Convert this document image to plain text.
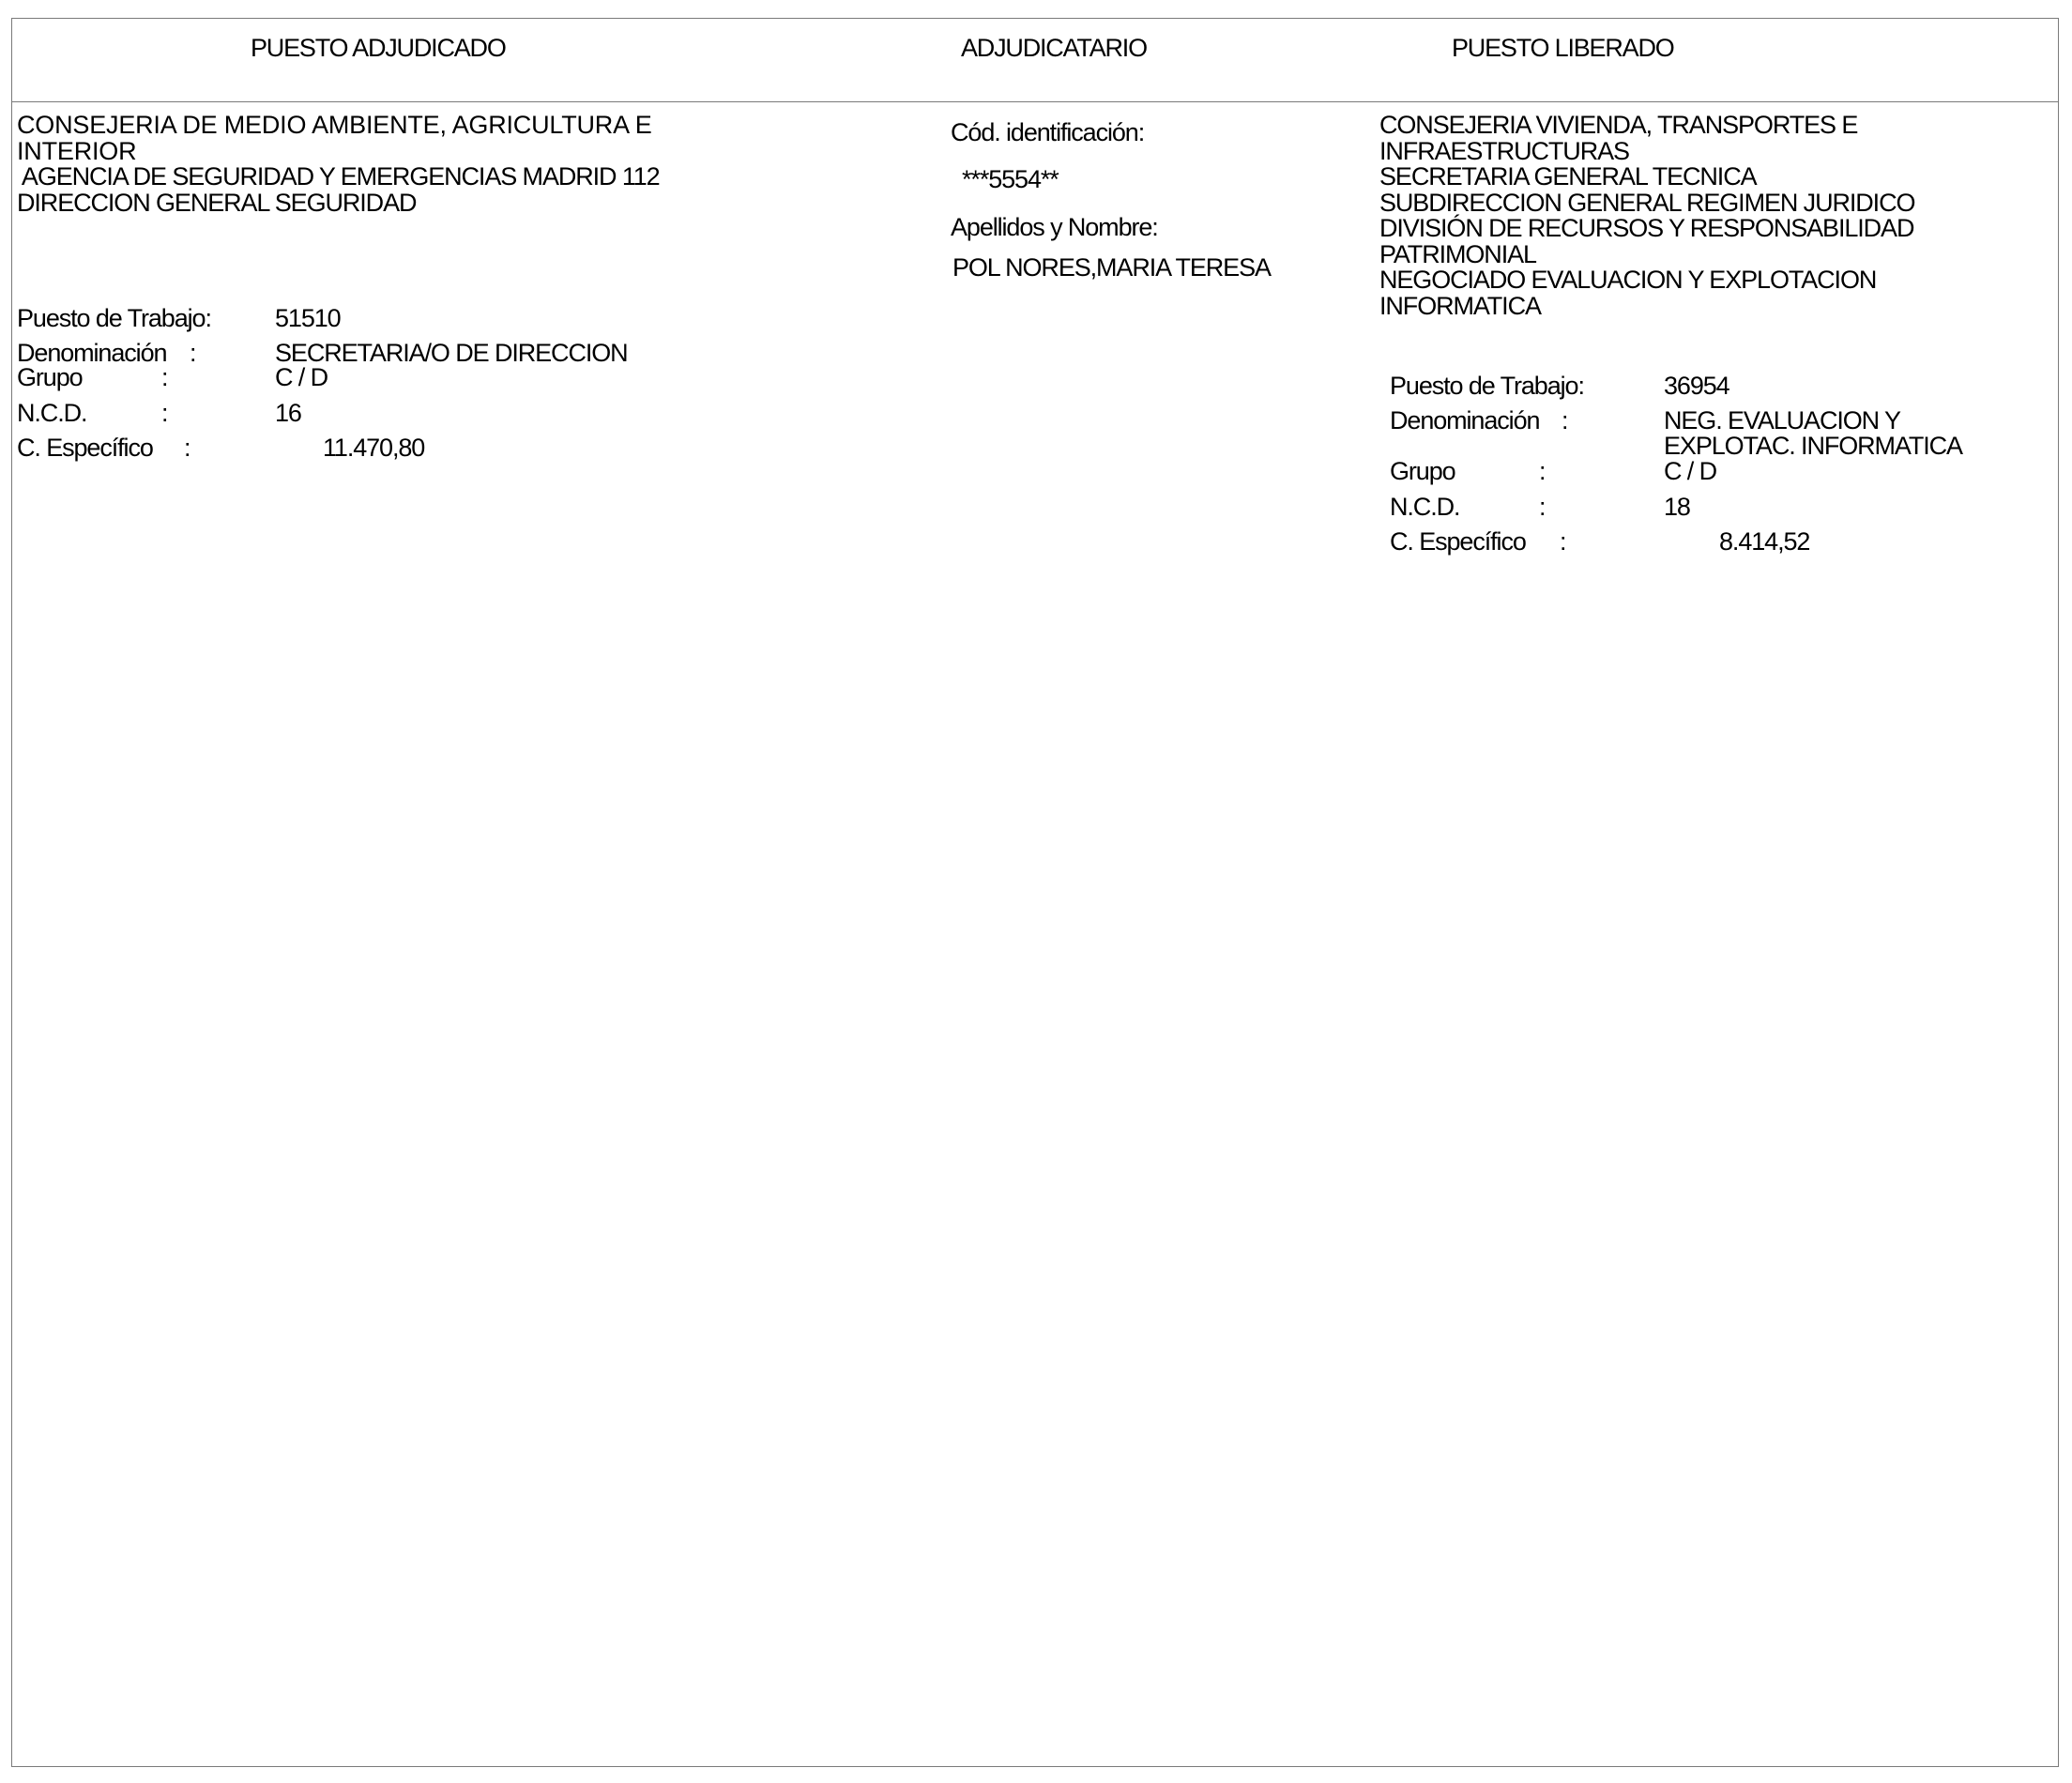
PUESTO ADJUDICADO	ADJUDICATARIO	PUESTO LIBERADO
CONSEJERIA DE MEDIO AMBIENTE, AGRICULTURA E
INTERIOR
AGENCIA DE SEGURIDAD Y EMERGENCIAS MADRID 112
DIRECCION GENERAL SEGURIDAD
Puesto de Trabajo:	51510
Denominación :	SECRETARIA/O DE DIRECCION
Grupo	:	C / D
N.C.D.	:	16
C. Específico :	11.470,80
Cód. identificación:
***5554**
Apellidos y Nombre:
POL NORES,MARIA TERESA
CONSEJERIA VIVIENDA, TRANSPORTES E
INFRAESTRUCTURAS
SECRETARIA GENERAL TECNICA
SUBDIRECCION GENERAL REGIMEN JURIDICO
DIVISIÓN DE RECURSOS Y RESPONSABILIDAD
PATRIMONIAL
NEGOCIADO EVALUACION Y EXPLOTACION
INFORMATICA
Puesto de Trabajo:	36954
Denominación :	NEG. EVALUACION Y
EXPLOTAC. INFORMATICA
Grupo	:	C / D
N.C.D.	:	18
C. Específico :	8.414,52
